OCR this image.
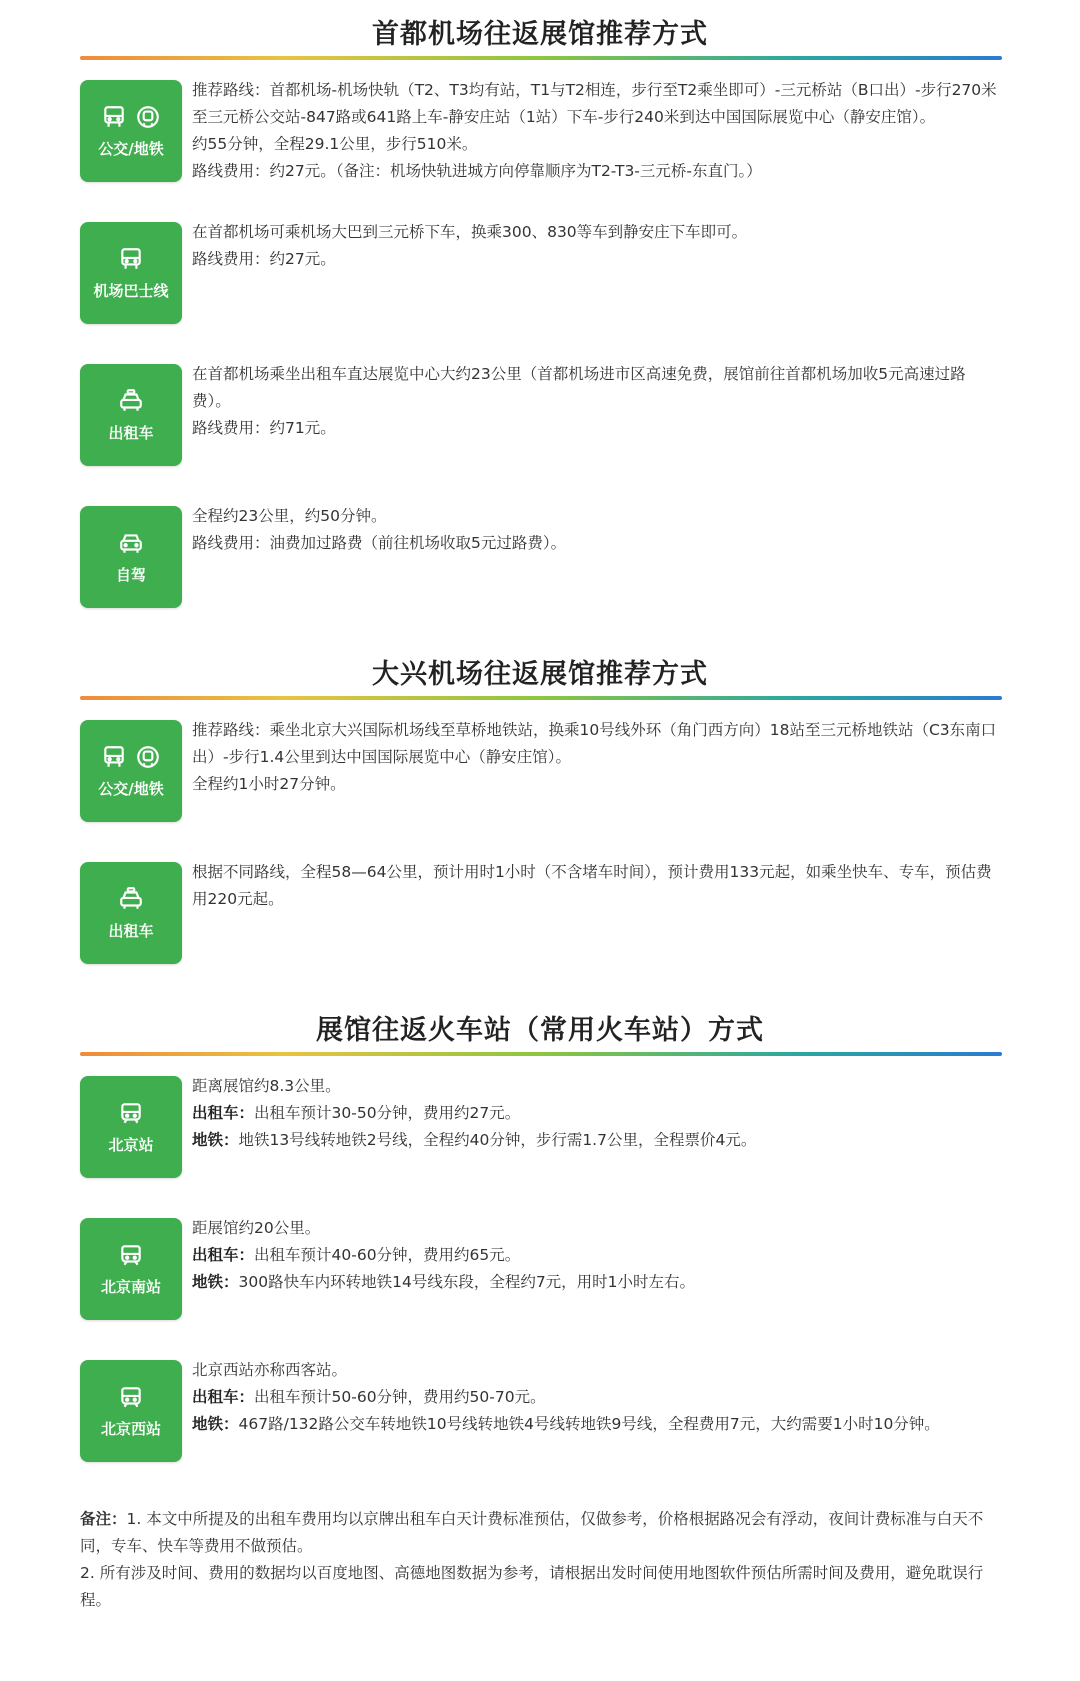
首都机场往返展馆推荐方式
公交/地铁

推荐路线：首都机场-机场快轨（T2、T3均有站，T1与T2相连，步行至T2乘坐即可）-三元桥站（B口出）-步行270米至三元桥公交站-847路或641路上车-静安庄站（1站）下车-步行240米到达中国国际展览中心（静安庄馆）。

约55分钟，全程29.1公里，步行510米。

路线费用：约27元。（备注：机场快轨进城方向停靠顺序为T2-T3-三元桥-东直门。）

机场巴士线

在首都机场可乘机场大巴到三元桥下车，换乘300、830等车到静安庄下车即可。

路线费用：约27元。

出租车

在首都机场乘坐出租车直达展览中心大约23公里（首都机场进市区高速免费，展馆前往首都机场加收5元高速过路费）。

路线费用：约71元。

自驾

全程约23公里，约50分钟。

路线费用：油费加过路费（前往机场收取5元过路费）。

大兴机场往返展馆推荐方式
公交/地铁

推荐路线：乘坐北京大兴国际机场线至草桥地铁站，换乘10号线外环（角门西方向）18站至三元桥地铁站（C3东南口出）-步行1.4公里到达中国国际展览中心（静安庄馆）。

全程约1小时27分钟。

出租车

根据不同路线，全程58—64公里，预计用时1小时（不含堵车时间），预计费用133元起，如乘坐快车、专车，预估费用220元起。

展馆往返火车站（常用火车站）方式
北京站

距离展馆约8.3公里。

出租车：出租车预计30-50分钟，费用约27元。

地铁：地铁13号线转地铁2号线，全程约40分钟，步行需1.7公里，全程票价4元。

北京南站

距展馆约20公里。

出租车：出租车预计40-60分钟，费用约65元。

地铁：300路快车内环转地铁14号线东段，全程约7元，用时1小时左右。

北京西站

北京西站亦称西客站。

出租车：出租车预计50-60分钟，费用约50-70元。

地铁：467路/132路公交车转地铁10号线转地铁4号线转地铁9号线，全程费用7元，大约需要1小时10分钟。

备注：1. 本文中所提及的出租车费用均以京牌出租车白天计费标准预估，仅做参考，价格根据路况会有浮动，夜间计费标准与白天不同，专车、快车等费用不做预估。

2. 所有涉及时间、费用的数据均以百度地图、高德地图数据为参考，请根据出发时间使用地图软件预估所需时间及费用，避免耽误行程。
